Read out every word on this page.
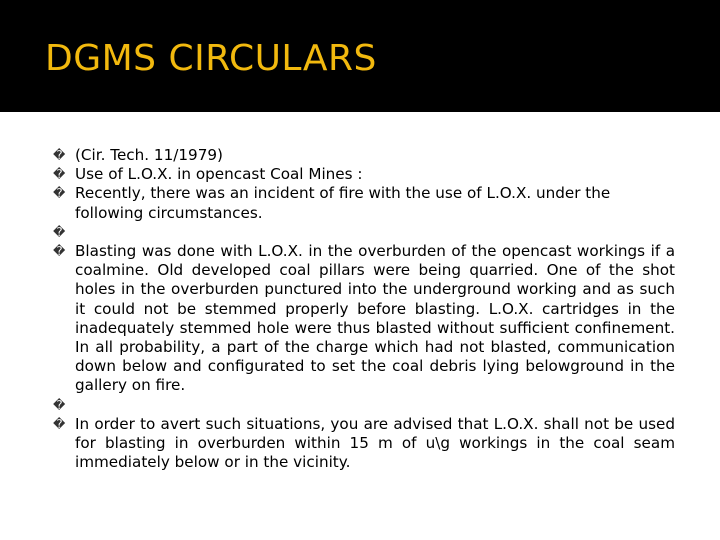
DGMS CIRCULARS
� (Cir. Tech. 11/1979)
� Use of L.O.X. in opencast Coal Mines :
� Recently, there was an incident of fire with the use of L.O.X. under the following circumstances.
�
� Blasting was done with L.O.X. in the overburden of the opencast workings if a coalmine. Old developed coal pillars were being quarried. One of the shot holes in the overburden punctured into the underground working and as such it could not be stemmed properly before blasting. L.O.X. cartridges in the inadequately stemmed hole were thus blasted without sufficient confinement. In all probability, a part of the charge which had not blasted, communication down below and configurated to set the coal debris lying belowground in the gallery on fire.
�
� In order to avert such situations, you are advised that L.O.X. shall not be used for blasting in overburden within 15 m of u\g workings in the coal seam immediately below or in the vicinity.
